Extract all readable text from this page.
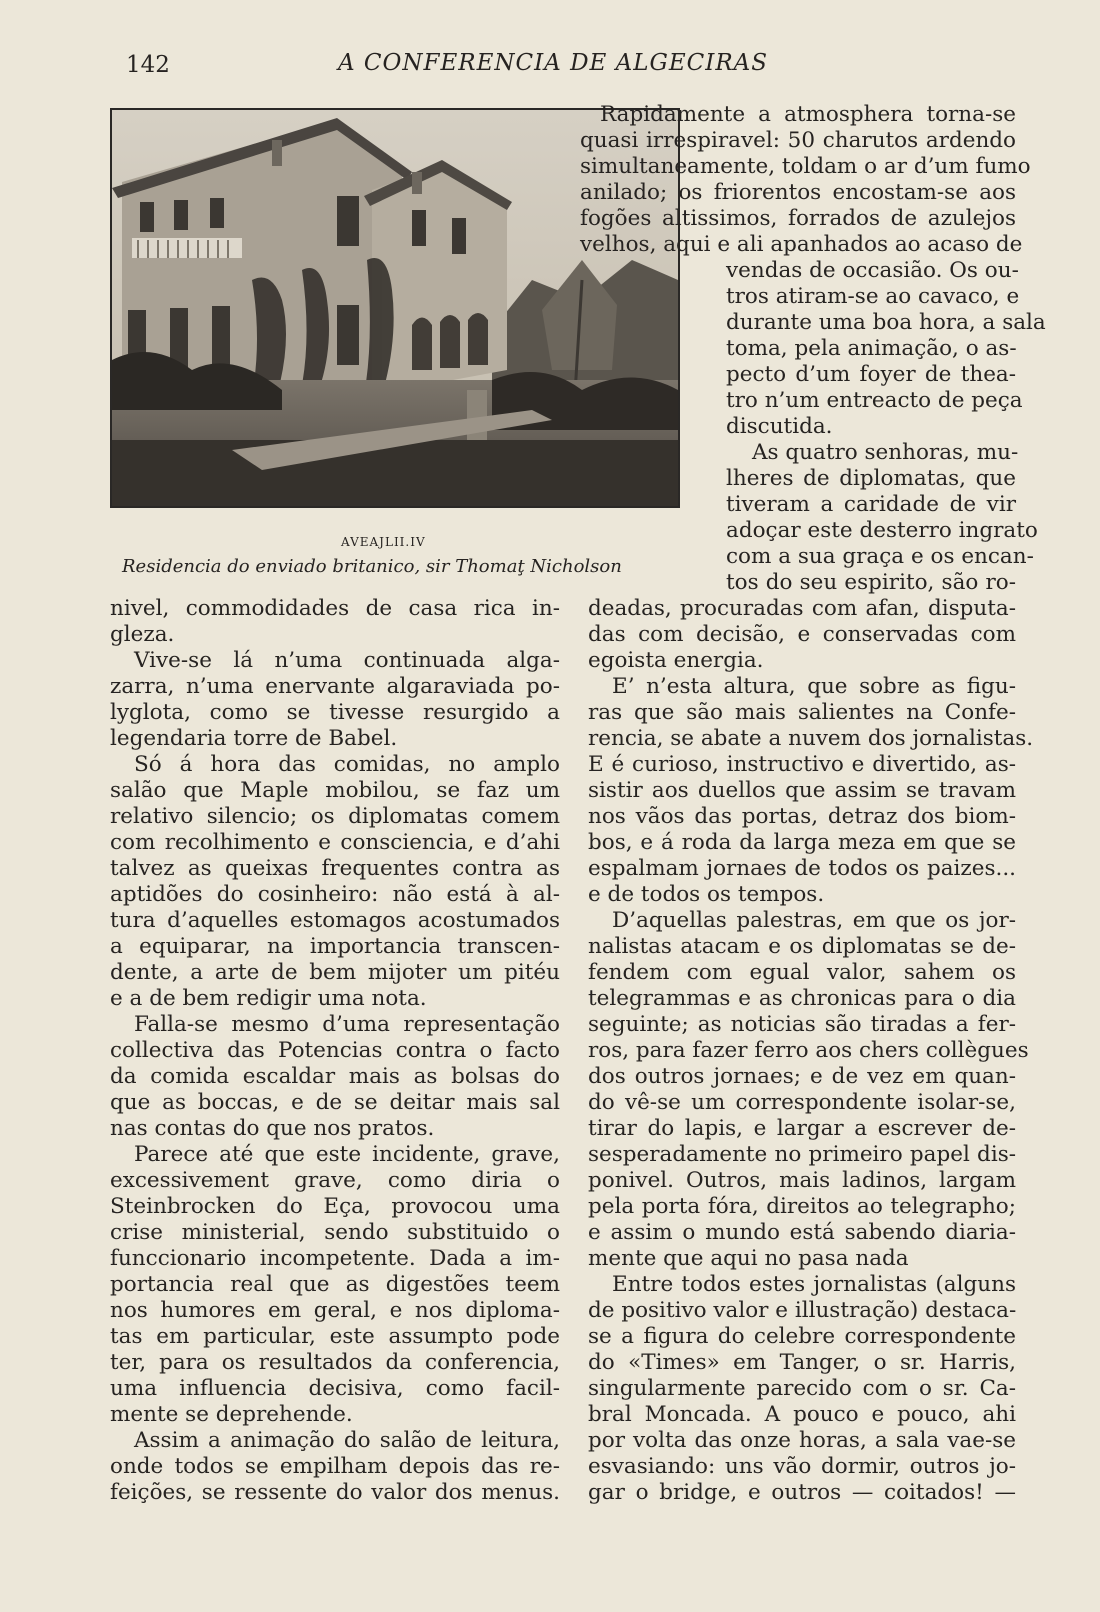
142	A CONFERENCIA DE ALGECIRAS
AVEAJLII.IV
Residencia do enviado britanico, sir Thomaţ Nicholson
Rapidamente a atmosphera torna-se
quasi irrespiravel: 50 charutos ardendo
simultaneamente, toldam o ar d’um fumo
anilado; os friorentos encostam-se aos
fogões altissimos, forrados de azulejos
velhos, aqui e ali apanhados ao acaso de
vendas de occasião. Os ou-
tros atiram-se ao cavaco, e
durante uma boa hora, a sala
toma, pela animação, o as-
pecto d’um foyer de thea-
tro n’um entreacto de peça
discutida.
As quatro senhoras, mu-
lheres de diplomatas, que
tiveram a caridade de vir
adoçar este desterro ingrato
com a sua graça e os encan-
tos do seu espirito, são ro-
nivel, commodidades de casa rica in-
gleza.
Vive-se lá n’uma continuada alga-
zarra, n’uma enervante algaraviada po-
lyglota, como se tivesse resurgido a
legendaria torre de Babel.
Só á hora das comidas, no amplo
salão que Maple mobilou, se faz um
relativo silencio; os diplomatas comem
com recolhimento e consciencia, e d’ahi
talvez as queixas frequentes contra as
aptidões do cosinheiro: não está à al-
tura d’aquelles estomagos acostumados
a equiparar, na importancia transcen-
dente, a arte de bem mijoter um pitéu
e a de bem redigir uma nota.
Falla-se mesmo d’uma representação
collectiva das Potencias contra o facto
da comida escaldar mais as bolsas do
que as boccas, e de se deitar mais sal
nas contas do que nos pratos.
Parece até que este incidente, grave,
excessivement grave, como diria o
Steinbrocken do Eça, provocou uma
crise ministerial, sendo substituido o
funccionario incompetente. Dada a im-
portancia real que as digestões teem
nos humores em geral, e nos diploma-
tas em particular, este assumpto pode
ter, para os resultados da conferencia,
uma influencia decisiva, como facil-
mente se deprehende.
Assim a animação do salão de leitura,
onde todos se empilham depois das re-
feições, se ressente do valor dos menus.
deadas, procuradas com afan, disputa-
das com decisão, e conservadas com
egoista energia.
E’ n’esta altura, que sobre as figu-
ras que são mais salientes na Confe-
rencia, se abate a nuvem dos jornalistas.
E é curioso, instructivo e divertido, as-
sistir aos duellos que assim se travam
nos vãos das portas, detraz dos biom-
bos, e á roda da larga meza em que se
espalmam jornaes de todos os paizes...
e de todos os tempos.
D’aquellas palestras, em que os jor-
nalistas atacam e os diplomatas se de-
fendem com egual valor, sahem os
telegrammas e as chronicas para o dia
seguinte; as noticias são tiradas a fer-
ros, para fazer ferro aos chers collègues
dos outros jornaes; e de vez em quan-
do vê-se um correspondente isolar-se,
tirar do lapis, e largar a escrever de-
sesperadamente no primeiro papel dis-
ponivel. Outros, mais ladinos, largam
pela porta fóra, direitos ao telegrapho;
e assim o mundo está sabendo diaria-
mente que aqui no pasa nada
Entre todos estes jornalistas (alguns
de positivo valor e illustração) destaca-
se a figura do celebre correspondente
do «Times» em Tanger, o sr. Harris,
singularmente parecido com o sr. Ca-
bral Moncada. A pouco e pouco, ahi
por volta das onze horas, a sala vae-se
esvasiando: uns vão dormir, outros jo-
gar o bridge, e outros — coitados! —
